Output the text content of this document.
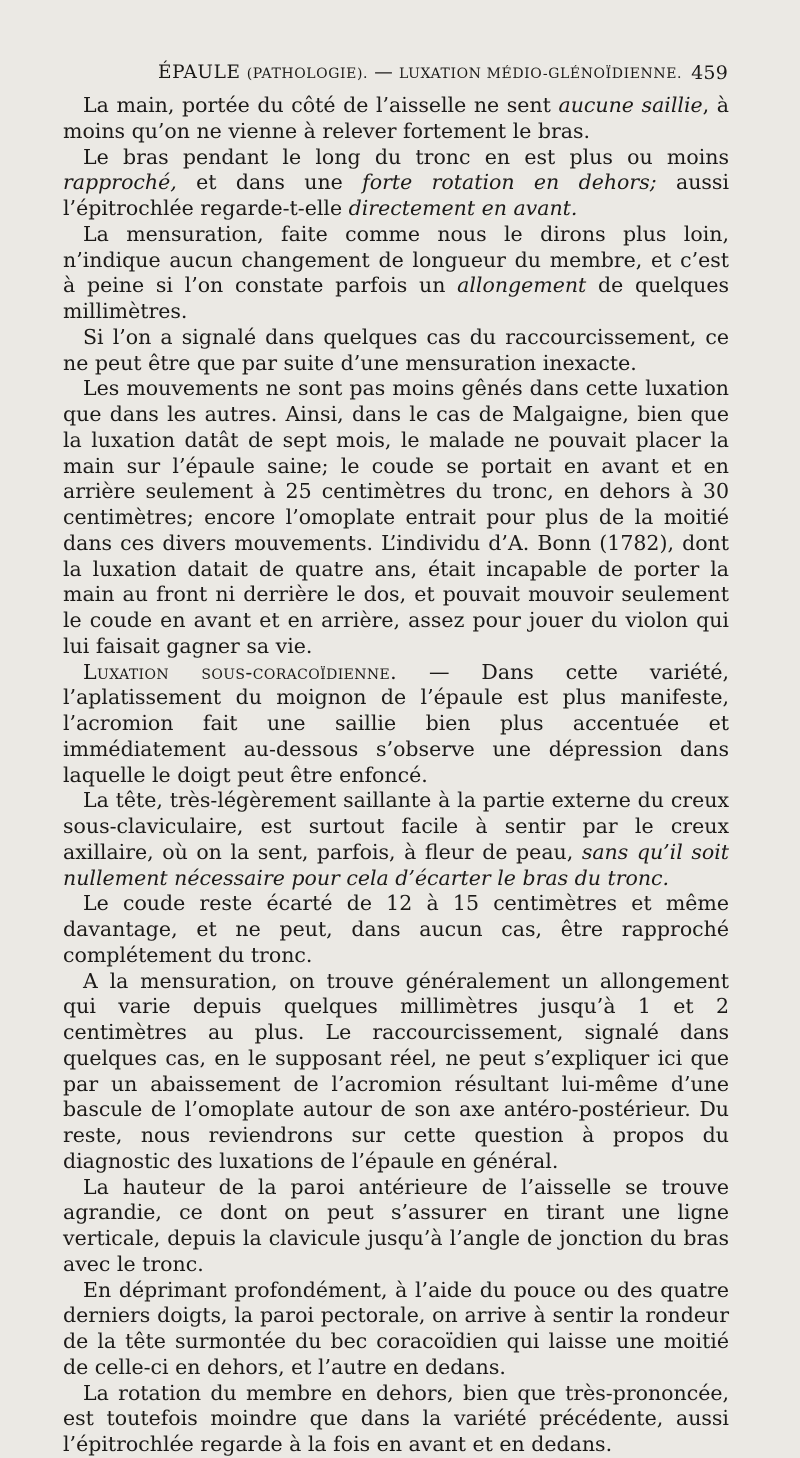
ÉPAULE (PATHOLOGIE). — LUXATION MÉDIO-GLÉNOÏDIENNE. 459

La main, portée du côté de l’aisselle ne sent aucune saillie, à moins qu’on ne vienne à relever fortement le bras.

Le bras pendant le long du tronc en est plus ou moins rapproché, et dans une forte rotation en dehors; aussi l’épitrochlée regarde-t-elle directement en avant.

La mensuration, faite comme nous le dirons plus loin, n’indique aucun changement de longueur du membre, et c’est à peine si l’on constate parfois un allongement de quelques millimètres.

Si l’on a signalé dans quelques cas du raccourcissement, ce ne peut être que par suite d’une mensuration inexacte.

Les mouvements ne sont pas moins gênés dans cette luxation que dans les autres. Ainsi, dans le cas de Malgaigne, bien que la luxation datât de sept mois, le malade ne pouvait placer la main sur l’épaule saine; le coude se portait en avant et en arrière seulement à 25 centimètres du tronc, en dehors à 30 centimètres; encore l’omoplate entrait pour plus de la moitié dans ces divers mouvements. L’individu d’A. Bonn (1782), dont la luxation datait de quatre ans, était incapable de porter la main au front ni derrière le dos, et pouvait mouvoir seulement le coude en avant et en arrière, assez pour jouer du violon qui lui faisait gagner sa vie.

Luxation sous-coracoïdienne. — Dans cette variété, l’aplatissement du moignon de l’épaule est plus manifeste, l’acromion fait une saillie bien plus accentuée et immédiatement au-dessous s’observe une dépression dans laquelle le doigt peut être enfoncé.

La tête, très-légèrement saillante à la partie externe du creux sous-claviculaire, est surtout facile à sentir par le creux axillaire, où on la sent, parfois, à fleur de peau, sans qu’il soit nullement nécessaire pour cela d’écarter le bras du tronc.

Le coude reste écarté de 12 à 15 centimètres et même davantage, et ne peut, dans aucun cas, être rapproché complétement du tronc.

A la mensuration, on trouve généralement un allongement qui varie depuis quelques millimètres jusqu’à 1 et 2 centimètres au plus. Le raccourcissement, signalé dans quelques cas, en le supposant réel, ne peut s’expliquer ici que par un abaissement de l’acromion résultant lui-même d’une bascule de l’omoplate autour de son axe antéro-postérieur. Du reste, nous reviendrons sur cette question à propos du diagnostic des luxations de l’épaule en général.

La hauteur de la paroi antérieure de l’aisselle se trouve agrandie, ce dont on peut s’assurer en tirant une ligne verticale, depuis la clavicule jusqu’à l’angle de jonction du bras avec le tronc.

En déprimant profondément, à l’aide du pouce ou des quatre derniers doigts, la paroi pectorale, on arrive à sentir la rondeur de la tête surmontée du bec coracoïdien qui laisse une moitié de celle-ci en dehors, et l’autre en dedans.

La rotation du membre en dehors, bien que très-prononcée, est toutefois moindre que dans la variété précédente, aussi l’épitrochlée regarde à la fois en avant et en dedans.
